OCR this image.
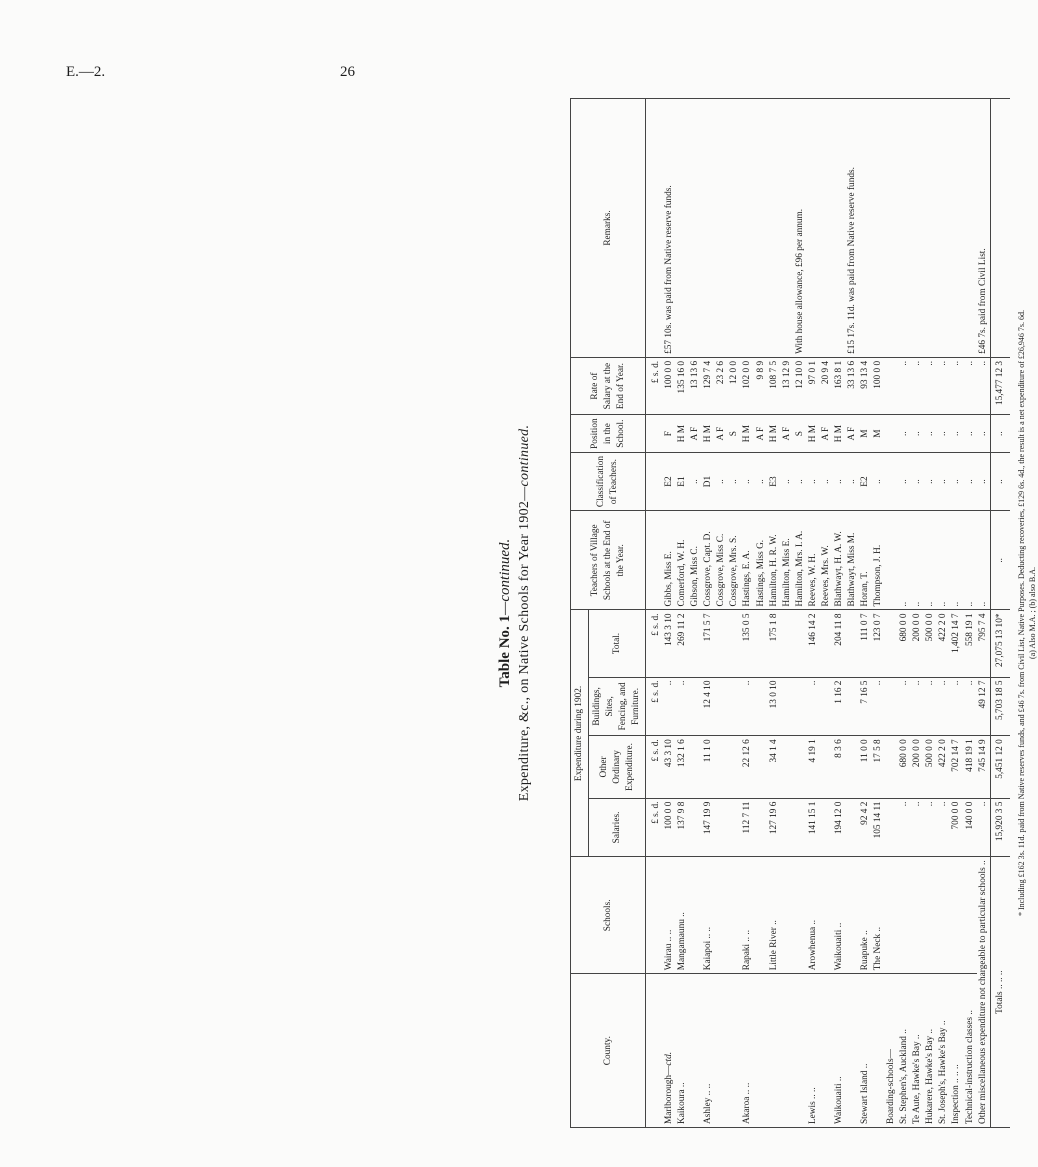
E.—2.	26
Table No. 1—continued. Expenditure, &c., on Native Schools for Year 1902—continued.
County.	Schools.	Expenditure during 1902.				Teachers of Village Schools at the End of the Year.	Classification of Teachers.	Position in the School.	Rate of Salary at the End of Year.	Remarks.
		Salaries.	Other Ordinary Expenditure.	Buildings, Sites, Fencing, and Furniture.	Total.					
		£ s. d.	£ s. d.	£ s. d.	£ s. d.				£ s. d.	
Marlborough—ctd.	Wairau .. ..	100 0 0	43 3 10	..	143 3 10	Gibbs, Miss E.	E2	F	100 0 0	£57 10s. was paid from Native reserve funds.
Kaikoura ..	Mangamaunu ..	137 9 8	132 1 6	..	269 11 2	Comerford, W. H.	E1	H M	135 16 0	
						Gibson, Miss C.	..	A F	13 13 6	
Ashley .. ..	Kaiapoi .. ..	147 19 9	11 1 0	12 4 10	171 5 7	Cossgrove, Capt. D.	D1	H M	129 7 4	
						Cossgrove, Miss C.	..	A F	23 2 6	
						Cossgrove, Mrs. S.	..	S	12 0 0	
Akaroa .. ..	Rapaki .. ..	112 7 11	22 12 6	..	135 0 5	Hastings, E. A.	..	H M	102 0 0	
						Hastings, Miss G.	..	A F	9 8 9	
	Little River ..	127 19 6	34 1 4	13 0 10	175 1 8	Hamilton, H. R. W.	E3	H M	108 7 5	
						Hamilton, Miss E.	..	A F	13 12 9	
						Hamilton, Mrs. I. A.	..	S	12 10 0	With house allowance, £96 per annum.
Lewis .. ..	Arowhenua ..	141 15 1	4 19 1	..	146 14 2	Reeves, W. H.	..	H M	97 0 1	
						Reeves, Mrs. W.	..	A F	20 9 4	
Waikouaiti ..	Waikouaiti ..	194 12 0	8 3 6	1 16 2	204 11 8	Blathwayt, H. A. W.	..	H M	163 8 1	
						Blathwayt, Miss M.	..	A F	33 13 6	£15 17s. 11d. was paid from Native reserve funds.
Stewart Island ..	Ruapuke ..	92 4 2	11 0 0	7 16 5	111 0 7	Horan, T.	E2	M	93 13 4	
	The Neck ..	105 14 11	17 5 8	..	123 0 7	Thompson, J. H.	..	M	100 0 0	
Boarding-schools—										
St. Stephen's, Auckland ..		..	680 0 0	..	680 0 0	..	..	..	..	
Te Aute, Hawke's Bay ..		..	200 0 0	..	200 0 0	..	..	..	..	
Hukarere, Hawke's Bay ..		..	500 0 0	..	500 0 0	..	..	..	..	
St. Joseph's, Hawke's Bay ..		..	422 2 0	..	422 2 0	..	..	..	..	
Inspection .. .. ..		700 0 0	702 14 7	..	1,402 14 7	..	..	..	..	
Technical-instruction classes ..		140 0 0	418 19 1	..	558 19 1	..	..	..	..	
Other miscellaneous expenditure not chargeable to particular schools ..		..	745 14 9	49 12 7	795 7 4	..	..	..	..	£46 7s. paid from Civil List.
Totals .. .. ..		15,920 3 5	5,451 12 0	5,703 18 5	27,075 13 10*	..	..	..	15,477 12 3	* Including £162 3s. 11d. paid from Native reserves funds, and £46 7s. from Civil List, Native Purposes. Deducting recoveries, £129 6s. 4d., the result is a net expenditure of £26,946 7s. 6d. (a) Also M.A. ; (b) also B.A.
